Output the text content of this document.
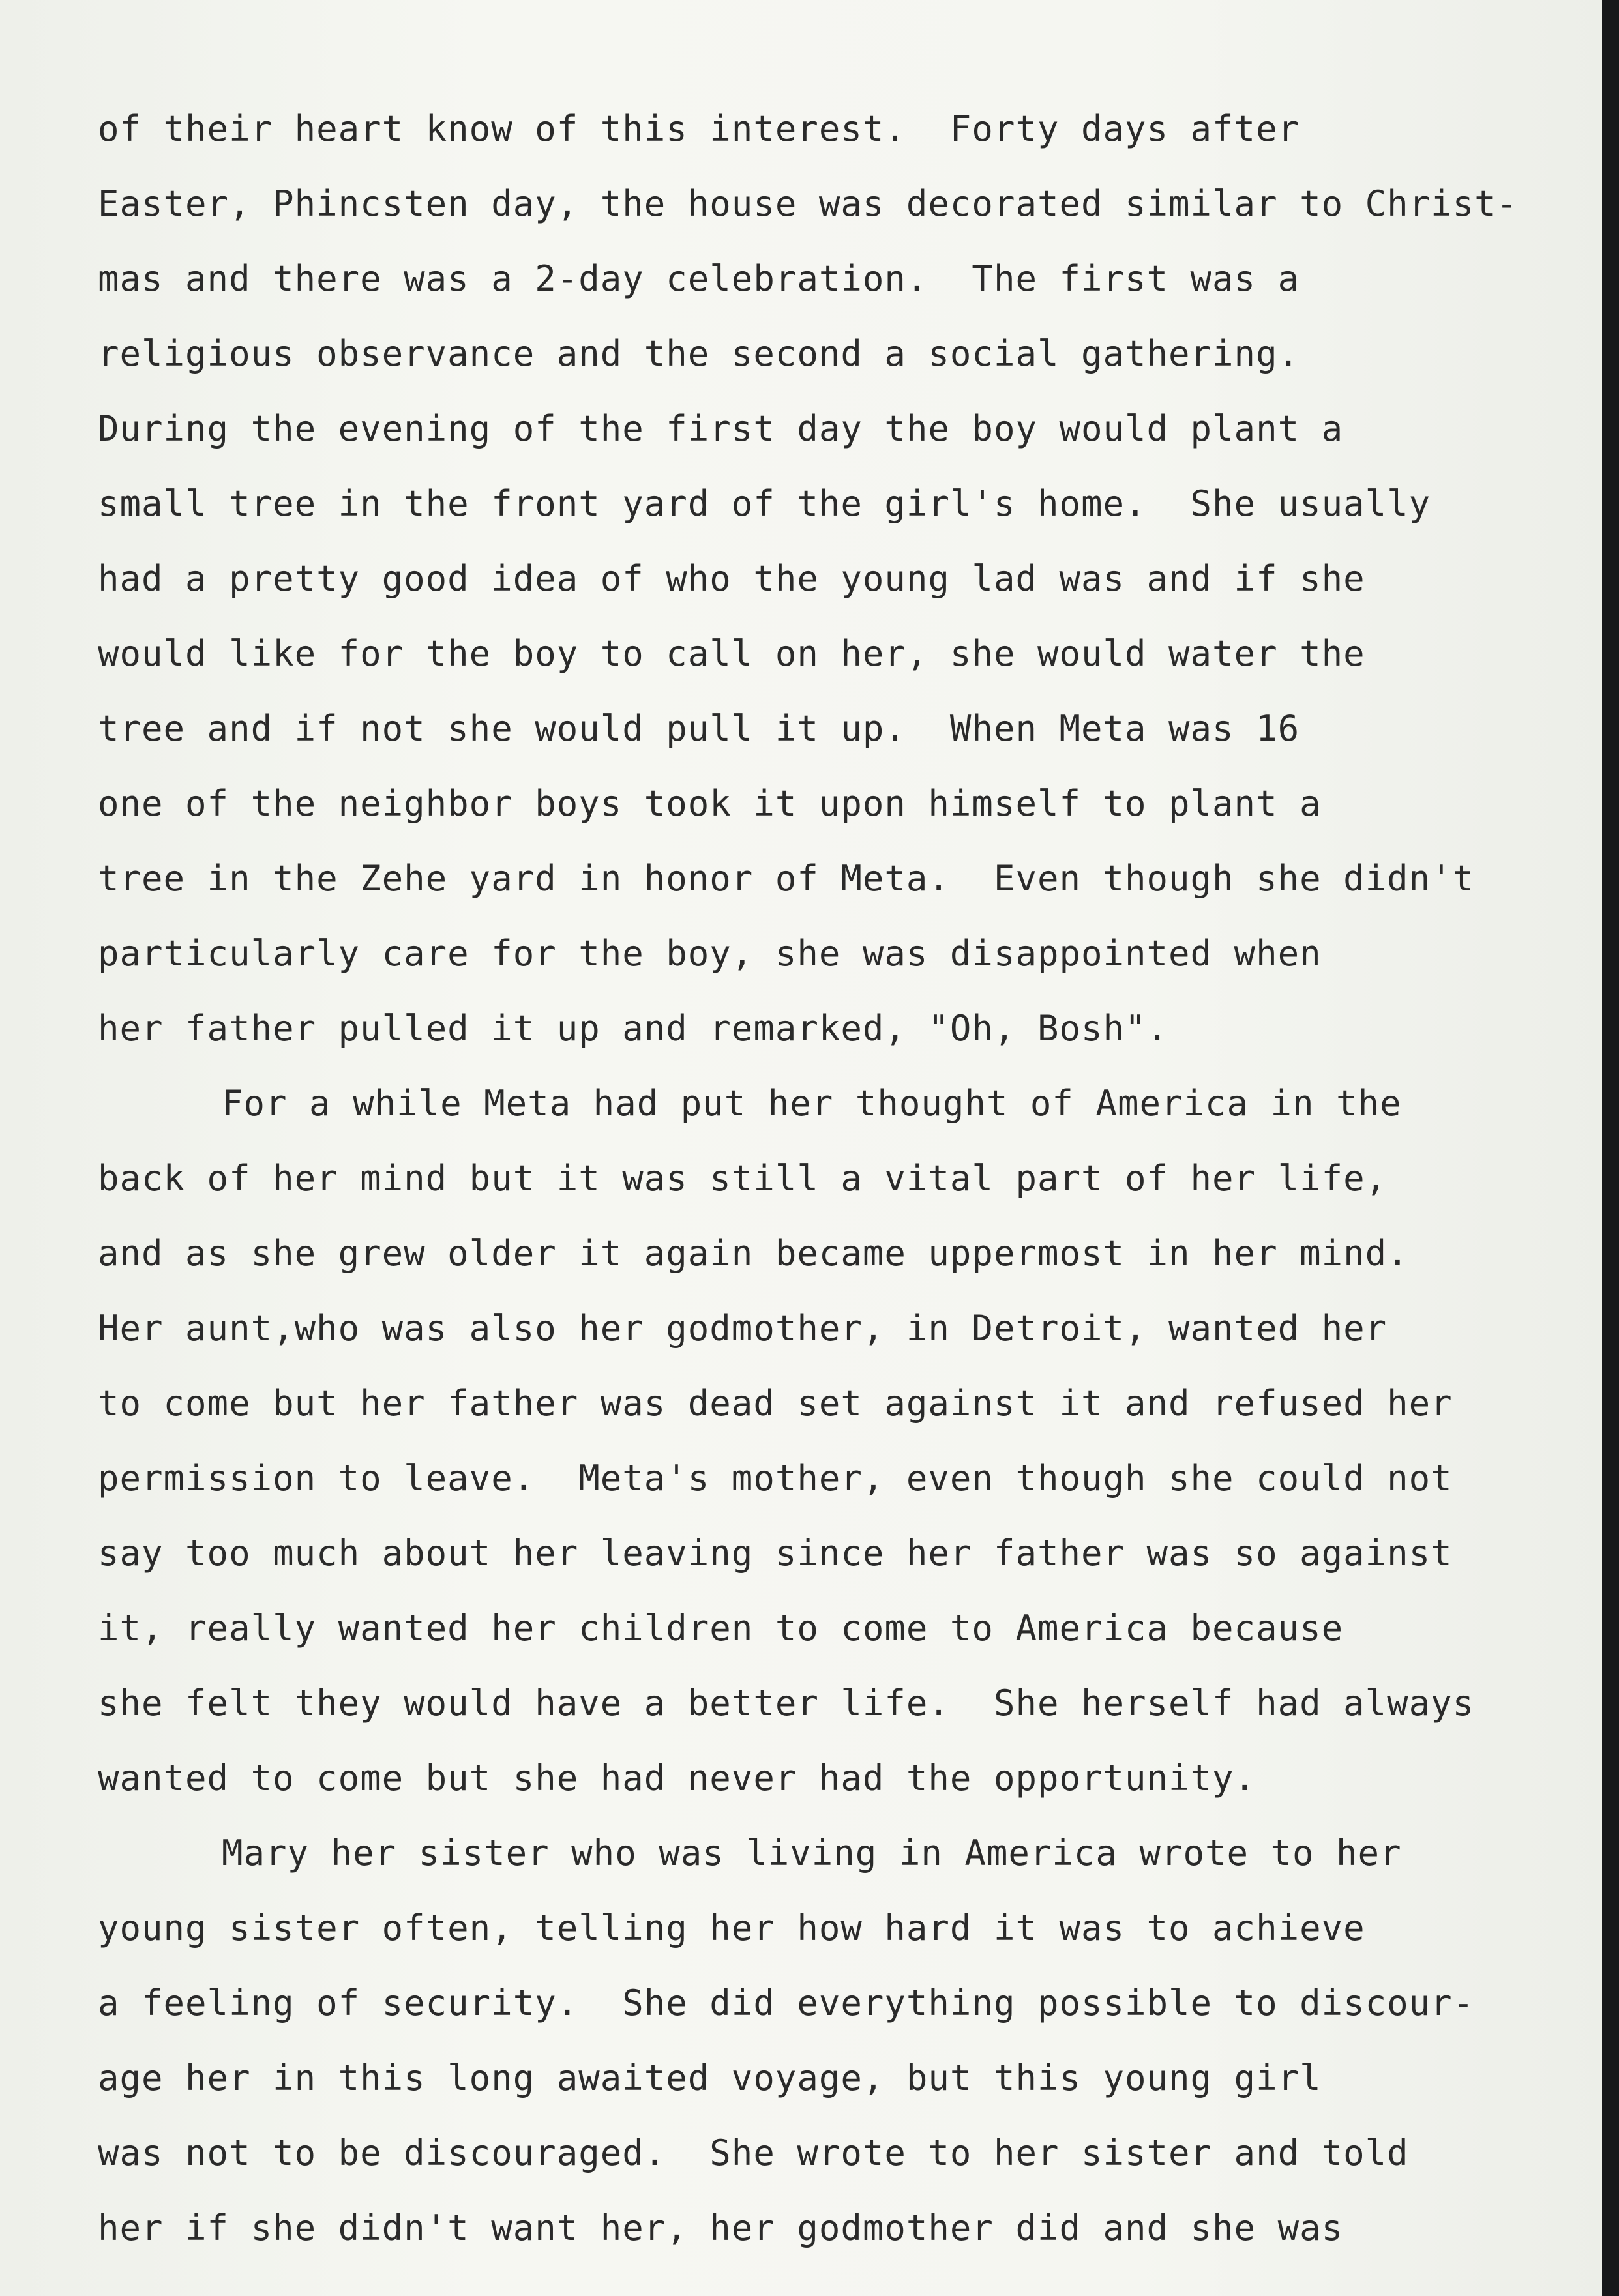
of their heart know of this interest.  Forty days after
Easter, Phincsten day, the house was decorated similar to Christ-
mas and there was a 2-day celebration.  The first was a
religious observance and the second a social gathering.
During the evening of the first day the boy would plant a
small tree in the front yard of the girl's home.  She usually
had a pretty good idea of who the young lad was and if she
would like for the boy to call on her, she would water the
tree and if not she would pull it up.  When Meta was 16
one of the neighbor boys took it upon himself to plant a
tree in the Zehe yard in honor of Meta.  Even though she didn't
particularly care for the boy, she was disappointed when
her father pulled it up and remarked, "Oh, Bosh".
For a while Meta had put her thought of America in the
back of her mind but it was still a vital part of her life,
and as she grew older it again became uppermost in her mind.
Her aunt,who was also her godmother, in Detroit, wanted her
to come but her father was dead set against it and refused her
permission to leave.  Meta's mother, even though she could not
say too much about her leaving since her father was so against
it, really wanted her children to come to America because
she felt they would have a better life.  She herself had always
wanted to come but she had never had the opportunity.
Mary her sister who was living in America wrote to her
young sister often, telling her how hard it was to achieve
a feeling of security.  She did everything possible to discour-
age her in this long awaited voyage, but this young girl
was not to be discouraged.  She wrote to her sister and told
her if she didn't want her, her godmother did and she was
